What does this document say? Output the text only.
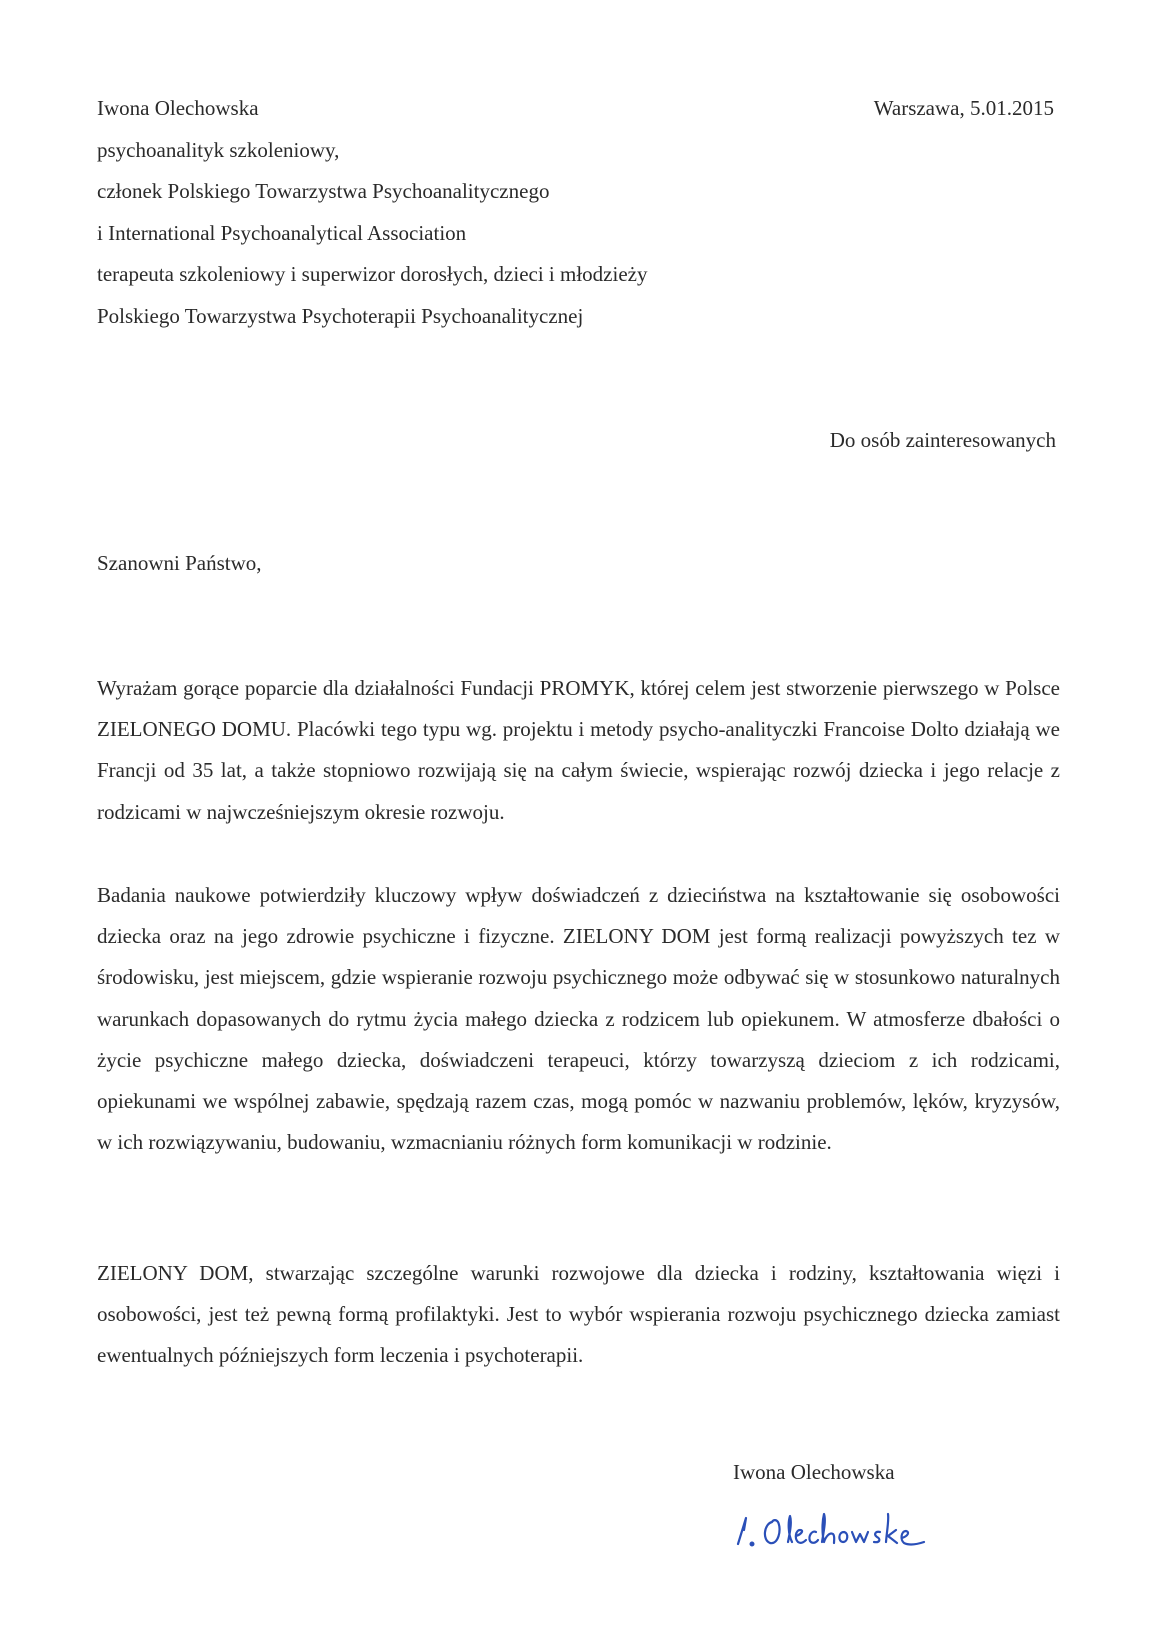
Iwona Olechowska
psychoanalityk szkoleniowy,
członek Polskiego Towarzystwa Psychoanalitycznego
i International Psychoanalytical Association
terapeuta szkoleniowy i superwizor dorosłych, dzieci i młodzieży
Polskiego Towarzystwa Psychoterapii Psychoanalitycznej
Warszawa, 5.01.2015
Do osób zainteresowanych
Szanowni Państwo,

Wyrażam gorące poparcie dla działalności Fundacji PROMYK, której celem jest stworzenie pierwszego w Polsce ZIELONEGO DOMU. Placówki tego typu wg. projektu i metody psycho-analityczki Francoise Dolto działają we Francji od 35 lat, a także stopniowo rozwijają się na całym świecie, wspierając rozwój dziecka i jego relacje z rodzicami w najwcześniejszym okresie rozwoju.

Badania naukowe potwierdziły kluczowy wpływ doświadczeń z dzieciństwa na kształtowanie się osobowości dziecka oraz na jego zdrowie psychiczne i fizyczne. ZIELONY DOM jest formą realizacji powyższych tez w środowisku, jest miejscem, gdzie wspieranie rozwoju psychicznego może odbywać się w stosunkowo naturalnych warunkach dopasowanych do rytmu życia małego dziecka z rodzicem lub opiekunem. W atmosferze dbałości o życie psychiczne małego dziecka, doświadczeni terapeuci, którzy towarzyszą dzieciom z ich rodzicami, opiekunami we wspólnej zabawie, spędzają razem czas, mogą pomóc w nazwaniu problemów, lęków, kryzysów, w ich rozwiązywaniu, budowaniu, wzmacnianiu różnych form komunikacji w rodzinie.

ZIELONY DOM, stwarzając szczególne warunki rozwojowe dla dziecka i rodziny, kształtowania więzi i osobowości, jest też pewną formą profilaktyki. Jest to wybór wspierania rozwoju psychicznego dziecka zamiast ewentualnych późniejszych form leczenia i psychoterapii.

Iwona Olechowska
